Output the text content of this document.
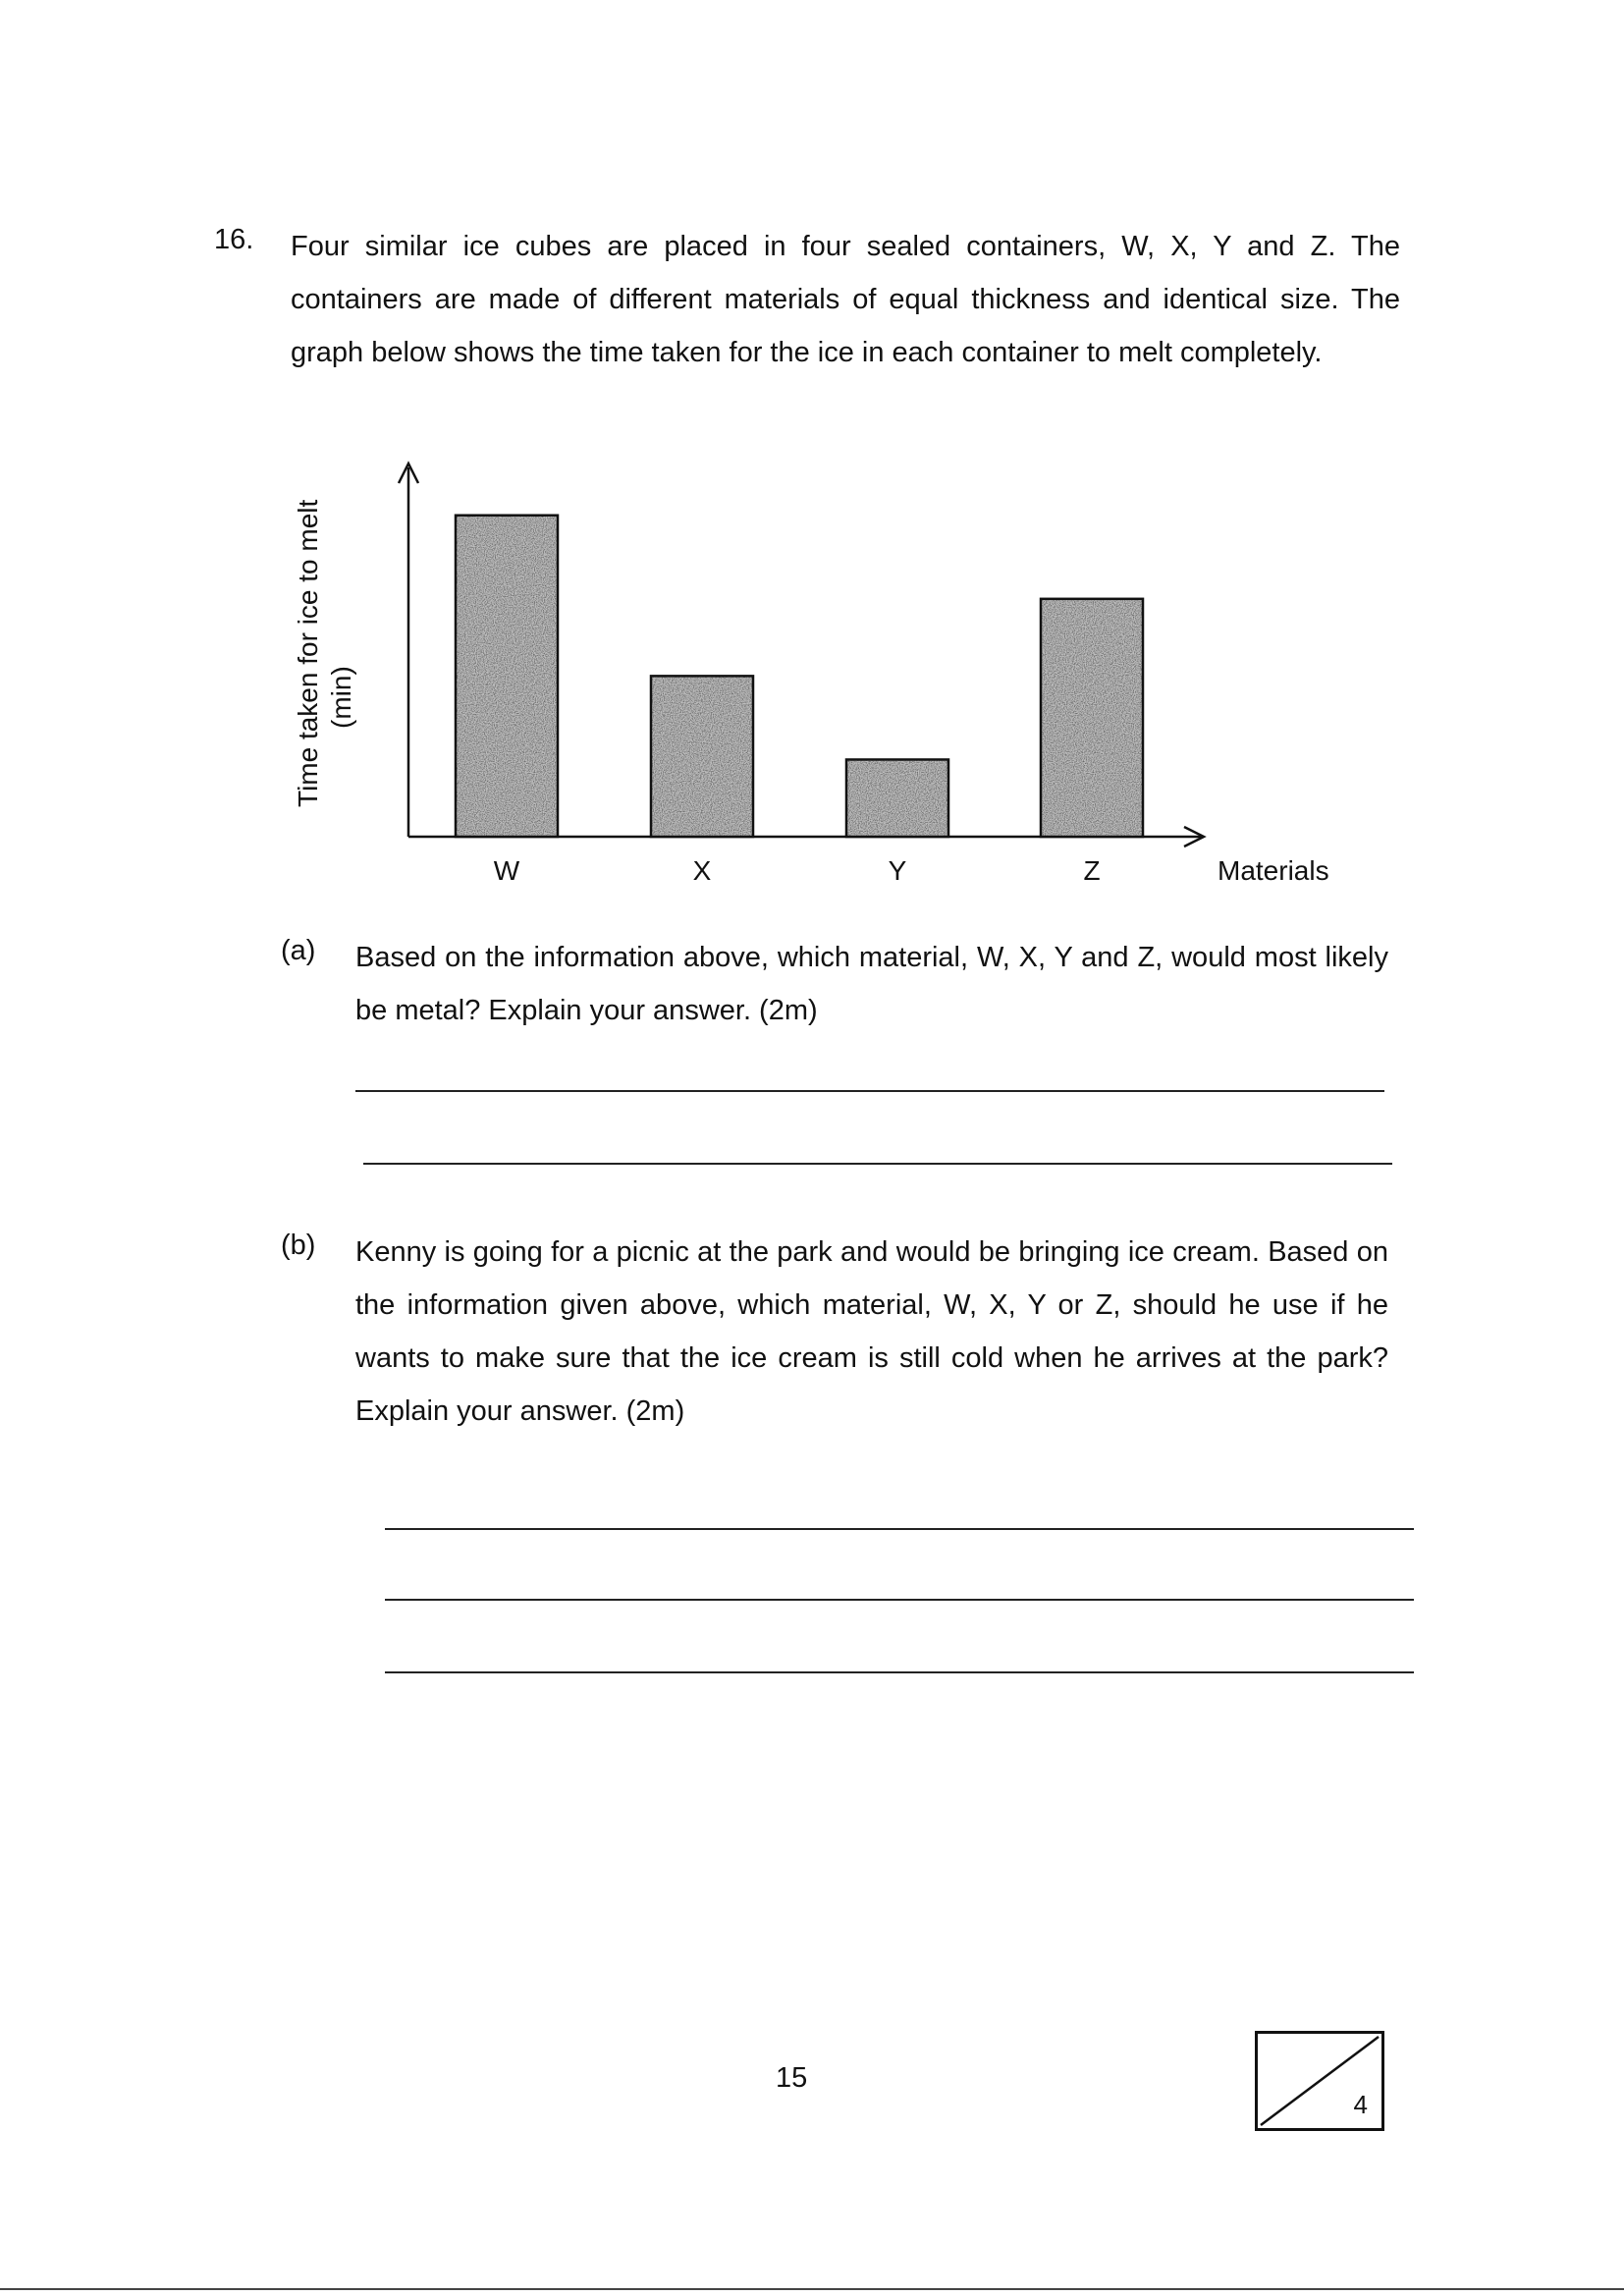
16. Four similar ice cubes are placed in four sealed containers, W, X, Y and Z. The containers are made of different materials of equal thickness and identical size. The graph below shows the time taken for the ice in each container to melt completely.
Time taken for ice to melt (min)
W	X	Y	Z	Materials
(a) Based on the information above, which material, W, X, Y and Z, would most likely be metal? Explain your answer. (2m)
(b) Kenny is going for a picnic at the park and would be bringing ice cream. Based on the information given above, which material, W, X, Y or Z, should he use if he wants to make sure that the ice cream is still cold when he arrives at the park? Explain your answer. (2m)
15
4
